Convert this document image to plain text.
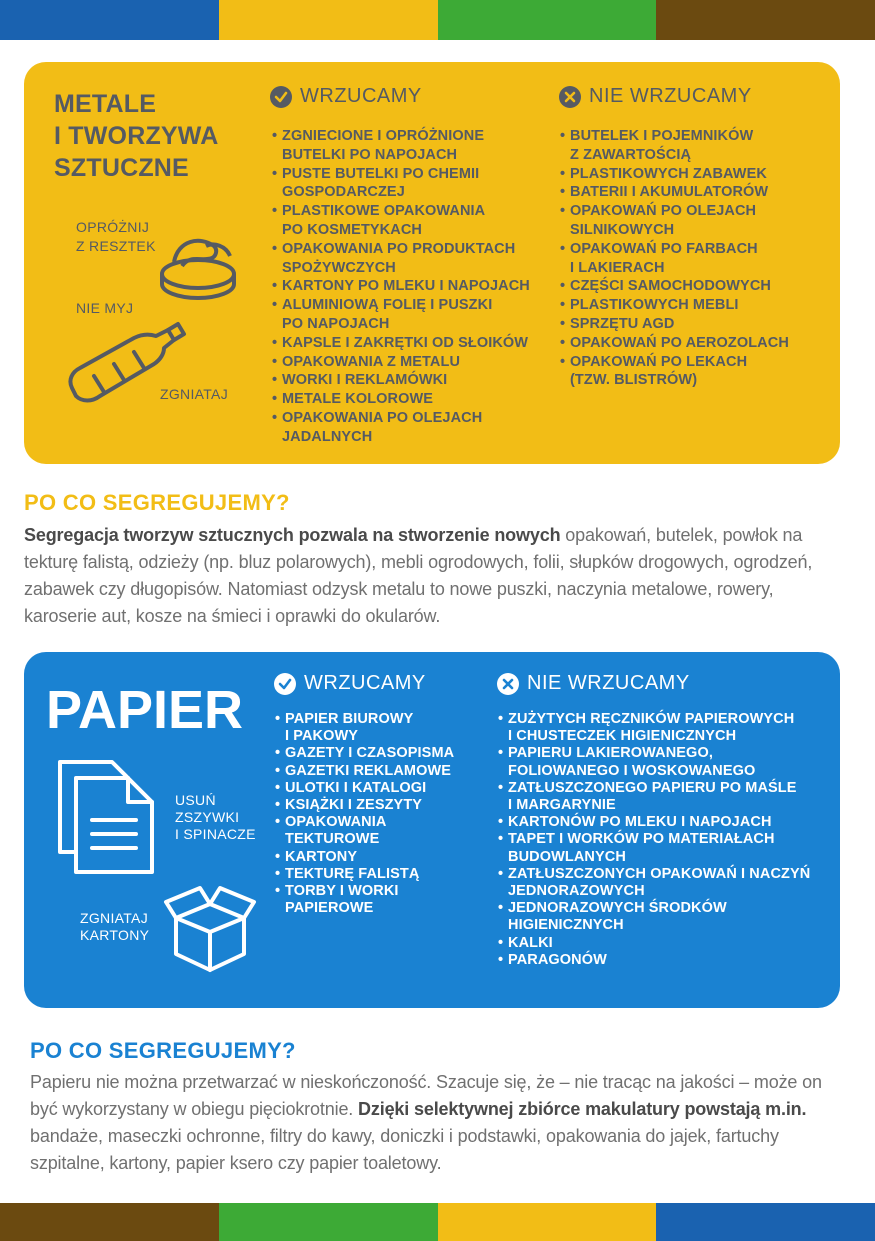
METALE
I TWORZYWA
SZTUCZNE
OPRÓŻNIJ
Z RESZTEK
NIE MYJ
ZGNIATAJ
WRZUCAMY
• ZGNIECIONE I OPRÓŻNIONE
BUTELKI PO NAPOJACH
• PUSTE BUTELKI PO CHEMII
GOSPODARCZEJ
• PLASTIKOWE OPAKOWANIA
PO KOSMETYKACH
• OPAKOWANIA PO PRODUKTACH
SPOŻYWCZYCH
• KARTONY PO MLEKU I NAPOJACH
• ALUMINIOWĄ FOLIĘ I PUSZKI
PO NAPOJACH
• KAPSLE I ZAKRĘTKI OD SŁOIKÓW
• OPAKOWANIA Z METALU
• WORKI I REKLAMÓWKI
• METALE KOLOROWE
• OPAKOWANIA PO OLEJACH
JADALNYCH
NIE WRZUCAMY
• BUTELEK I POJEMNIKÓW
Z ZAWARTOŚCIĄ
• PLASTIKOWYCH ZABAWEK
• BATERII I AKUMULATORÓW
• OPAKOWAŃ PO OLEJACH
SILNIKOWYCH
• OPAKOWAŃ PO FARBACH
I LAKIERACH
• CZĘŚCI SAMOCHODOWYCH
• PLASTIKOWYCH MEBLI
• SPRZĘTU AGD
• OPAKOWAŃ PO AEROZOLACH
• OPAKOWAŃ PO LEKACH
(TZW. BLISTRÓW)
PO CO SEGREGUJEMY?

Segregacja tworzyw sztucznych pozwala na stworzenie nowych opakowań, butelek, powłok na tekturę falistą, odzieży (np. bluz polarowych), mebli ogrodowych, folii, słupków drogowych, ogrodzeń, zabawek czy długopisów. Natomiast odzysk metalu to nowe puszki, naczynia metalowe, rowery, karoserie aut, kosze na śmieci i oprawki do okularów.

PAPIER
USUŃ
ZSZYWKI
I SPINACZE
ZGNIATAJ
KARTONY
WRZUCAMY
• PAPIER BIUROWY
I PAKOWY
• GAZETY I CZASOPISMA
• GAZETKI REKLAMOWE
• ULOTKI I KATALOGI
• KSIĄŻKI I ZESZYTY
• OPAKOWANIA
TEKTUROWE
• KARTONY
• TEKTURĘ FALISTĄ
• TORBY I WORKI
PAPIEROWE
NIE WRZUCAMY
• ZUŻYTYCH RĘCZNIKÓW PAPIEROWYCH
I CHUSTECZEK HIGIENICZNYCH
• PAPIERU LAKIEROWANEGO,
FOLIOWANEGO I WOSKOWANEGO
• ZATŁUSZCZONEGO PAPIERU PO MAŚLE
I MARGARYNIE
• KARTONÓW PO MLEKU I NAPOJACH
• TAPET I WORKÓW PO MATERIAŁACH
BUDOWLANYCH
• ZATŁUSZCZONYCH OPAKOWAŃ I NACZYŃ
JEDNORAZOWYCH
• JEDNORAZOWYCH ŚRODKÓW
HIGIENICZNYCH
• KALKI
• PARAGONÓW
PO CO SEGREGUJEMY?

Papieru nie można przetwarzać w nieskończoność. Szacuje się, że – nie tracąc na jakości – może on być wykorzystany w obiegu pięciokrotnie. Dzięki selektywnej zbiórce makulatury powstają m.in. bandaże, maseczki ochronne, filtry do kawy, doniczki i podstawki, opakowania do jajek, fartuchy szpitalne, kartony, papier ksero czy papier toaletowy.
